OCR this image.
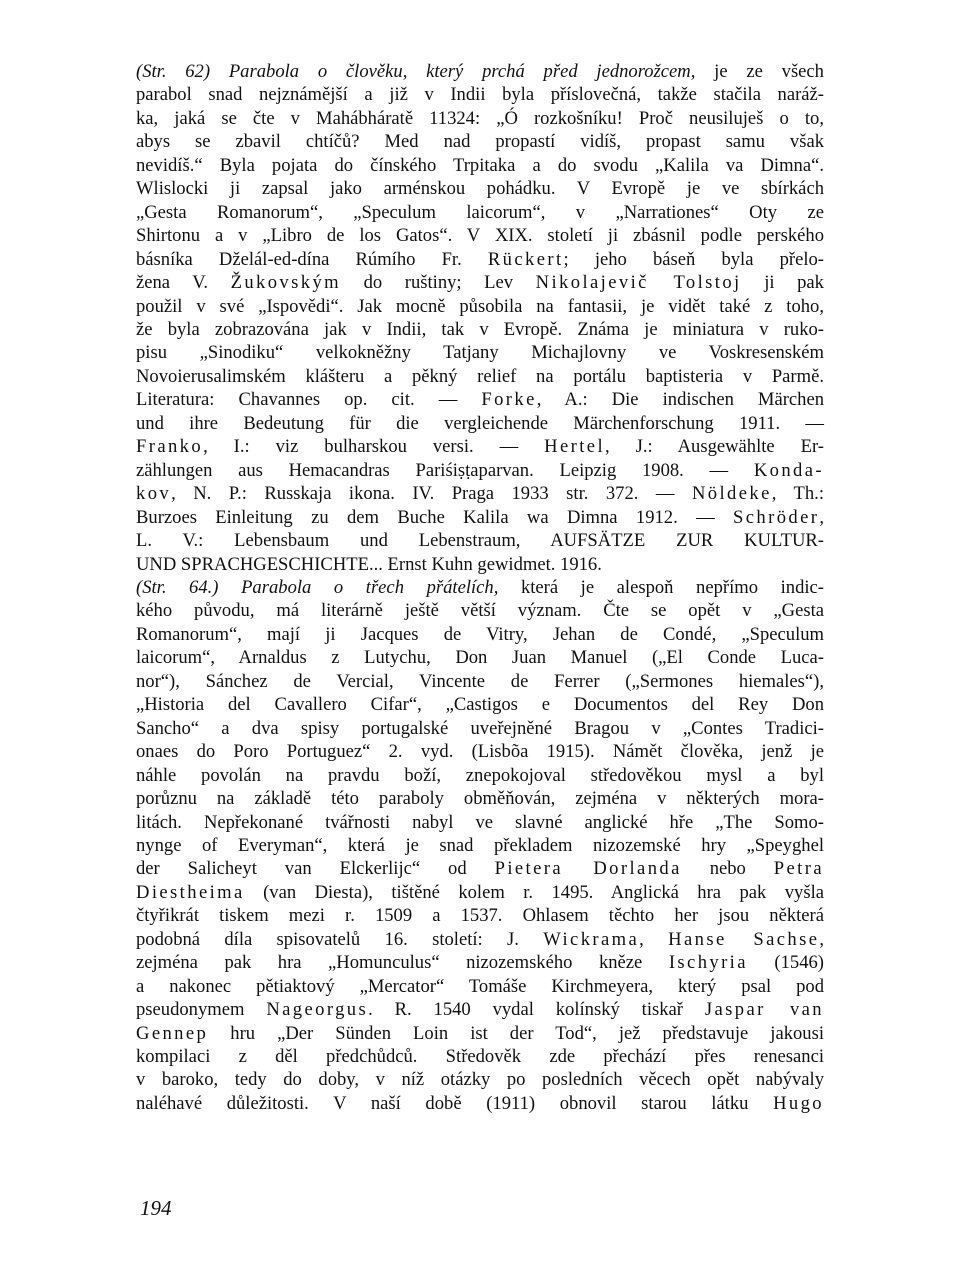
(Str. 62) Parabola o člověku, který prchá před jednorožcem, je ze všech
parabol snad nejznámější a již v Indii byla příslovečná, takže stačila naráž-
ka, jaká se čte v Mahábháratě 11324: „Ó rozkošníku! Proč neusiluješ o to,
abys se zbavil chtíčů? Med nad propastí vidíš, propast samu však
nevidíš.“ Byla pojata do čínského Trpitaka a do svodu „Kalila va Dimna“.
Wlislocki ji zapsal jako arménskou pohádku. V Evropě je ve sbírkách
„Gesta Romanorum“, „Speculum laicorum“, v „Narrationes“ Oty ze
Shirtonu a v „Libro de los Gatos“. V XIX. století ji zbásnil podle perského
básníka Dželál-ed-dína Rúmího Fr. Rückert; jeho báseň byla přelo-
žena V. Žukovským do ruštiny; Lev Nikolajevič Tolstoj ji pak
použil v své „Ispovědi“. Jak mocně působila na fantasii, je vidět také z toho,
že byla zobrazována jak v Indii, tak v Evropě. Známa je miniatura v ruko-
pisu „Sinodiku“ velkokněžny Tatjany Michajlovny ve Voskresenském
Novoierusalimském klášteru a pěkný relief na portálu baptisteria v Parmě.
Literatura: Chavannes op. cit. — Forke, A.: Die indischen Märchen
und ihre Bedeutung für die vergleichende Märchenforschung 1911. —
Franko, I.: viz bulharskou versi. — Hertel, J.: Ausgewählte Er-
zählungen aus Hemacandras Pariśiṣṭaparvan. Leipzig 1908. — Konda-
kov, N. P.: Russkaja ikona. IV. Praga 1933 str. 372. — Nöldeke, Th.:
Burzoes Einleitung zu dem Buche Kalila wa Dimna 1912. — Schröder,
L. V.: Lebensbaum und Lebenstraum, AUFSÄTZE ZUR KULTUR-
UND SPRACHGESCHICHTE... Ernst Kuhn gewidmet. 1916.
(Str. 64.) Parabola o třech přátelích, která je alespoň nepřímo indic-
kého původu, má literárně ještě větší význam. Čte se opět v „Gesta
Romanorum“, mají ji Jacques de Vitry, Jehan de Condé, „Speculum
laicorum“, Arnaldus z Lutychu, Don Juan Manuel („El Conde Luca-
nor“), Sánchez de Vercial, Vincente de Ferrer („Sermones hiemales“),
„Historia del Cavallero Cifar“, „Castigos e Documentos del Rey Don
Sancho“ a dva spisy portugalské uveřejněné Bragou v „Contes Tradici-
onaes do Poro Portuguez“ 2. vyd. (Lisbõa 1915). Námět člověka, jenž je
náhle povolán na pravdu boží, znepokojoval středověkou mysl a byl
porůznu na základě této paraboly obměňován, zejména v některých mora-
litách. Nepřekonané tvářnosti nabyl ve slavné anglické hře „The Somo-
nynge of Everyman“, která je snad překladem nizozemské hry „Speyghel
der Salicheyt van Elckerlijc“ od Pietera Dorlanda nebo Petra
Diestheima (van Diesta), tištěné kolem r. 1495. Anglická hra pak vyšla
čtyřikrát tiskem mezi r. 1509 a 1537. Ohlasem těchto her jsou některá
podobná díla spisovatelů 16. století: J. Wickrama, Hanse Sachse,
zejména pak hra „Homunculus“ nizozemského kněze Ischyria (1546)
a nakonec pětiaktový „Mercator“ Tomáše Kirchmeyera, který psal pod
pseudonymem Nageorgus. R. 1540 vydal kolínský tiskař Jaspar van
Gennep hru „Der Sünden Loin ist der Tod“, jež představuje jakousi
kompilaci z děl předchůdců. Středověk zde přechází přes renesanci
v baroko, tedy do doby, v níž otázky po posledních věcech opět nabývaly
naléhavé důležitosti. V naší době (1911) obnovil starou látku Hugo
194
